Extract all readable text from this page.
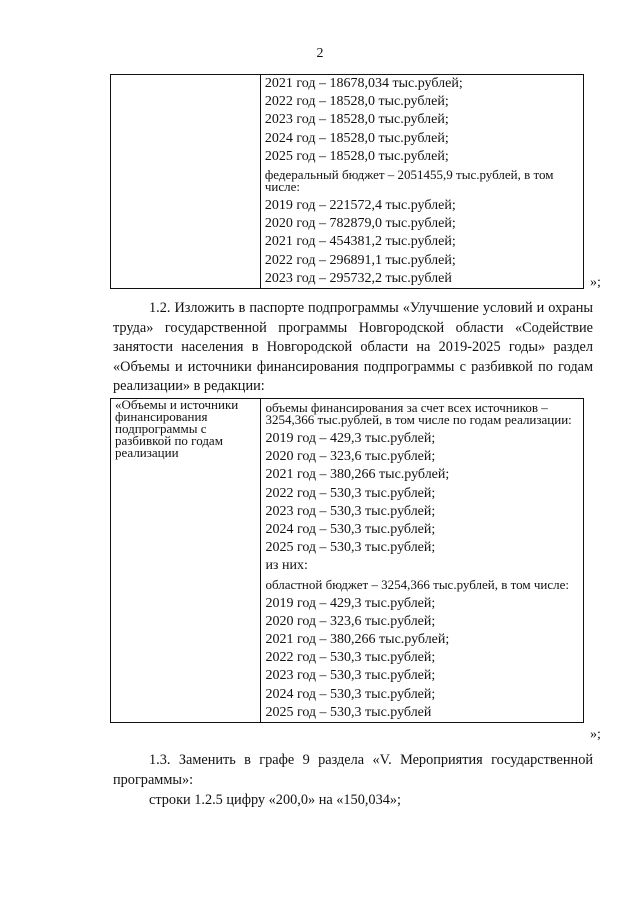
2

2021 год – 18678,034 тыс.рублей;
2022 год – 18528,0 тыс.рублей;
2023 год – 18528,0 тыс.рублей;
2024 год – 18528,0 тыс.рублей;
2025 год – 18528,0 тыс.рублей;
федеральный бюджет – 2051455,9 тыс.рублей, в том числе:
2019 год – 221572,4 тыс.рублей;
2020 год – 782879,0 тыс.рублей;
2021 год – 454381,2 тыс.рублей;
2022 год – 296891,1 тыс.рублей;
2023 год – 295732,2 тыс.рублей	»;
1.2. Изложить в паспорте подпрограммы «Улучшение условий и охраны труда» государственной программы Новгородской области «Содействие занятости населения в Новгородской области на 2019-2025 годы» раздел «Объемы и источники финансирования подпрограммы с разбивкой по годам реализации» в редакции:
«Объемы и источники финансирования подпрограммы с разбивкой по годам реализации

объемы финансирования за счет всех источников – 3254,366 тыс.рублей, в том числе по годам реализации:
2019 год – 429,3 тыс.рублей;
2020 год – 323,6 тыс.рублей;
2021 год – 380,266 тыс.рублей;
2022 год – 530,3 тыс.рублей;
2023 год – 530,3 тыс.рублей;
2024 год – 530,3 тыс.рублей;
2025 год – 530,3 тыс.рублей;
из них:
областной бюджет – 3254,366 тыс.рублей, в том числе:
2019 год – 429,3 тыс.рублей;
2020 год – 323,6 тыс.рублей;
2021 год – 380,266 тыс.рублей;
2022 год – 530,3 тыс.рублей;
2023 год – 530,3 тыс.рублей;
2024 год – 530,3 тыс.рублей;
2025 год – 530,3 тыс.рублей
»;
1.3. Заменить в графе 9 раздела «V. Мероприятия государственной программы»:
строки 1.2.5 цифру «200,0» на «150,034»;
